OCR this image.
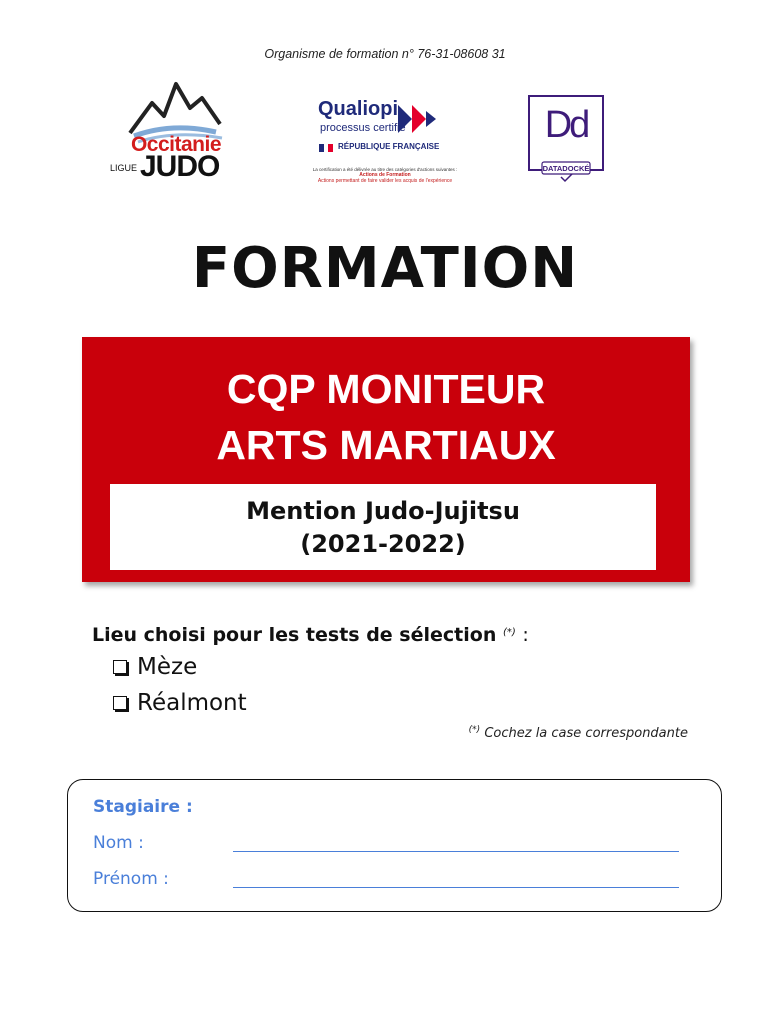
Organisme de formation n° 76-31-08608 31
Occitanie
LIGUE JUDO
Qualiopi
processus certifié
RÉPUBLIQUE FRANÇAISE
La certification a été délivrée au titre des catégories d'actions suivantes :
Actions de Formation
Actions permettant de faire valider les acquis de l'expérience
Dd
DATADOCKÉ
FORMATION
CQP MONITEUR
ARTS MARTIAUX
Mention Judo-Jujitsu
(2021-2022)
Lieu choisi pour les tests de sélection (*) :
Mèze
Réalmont
(*) Cochez la case correspondante
Stagiaire :
Nom :
Prénom :
